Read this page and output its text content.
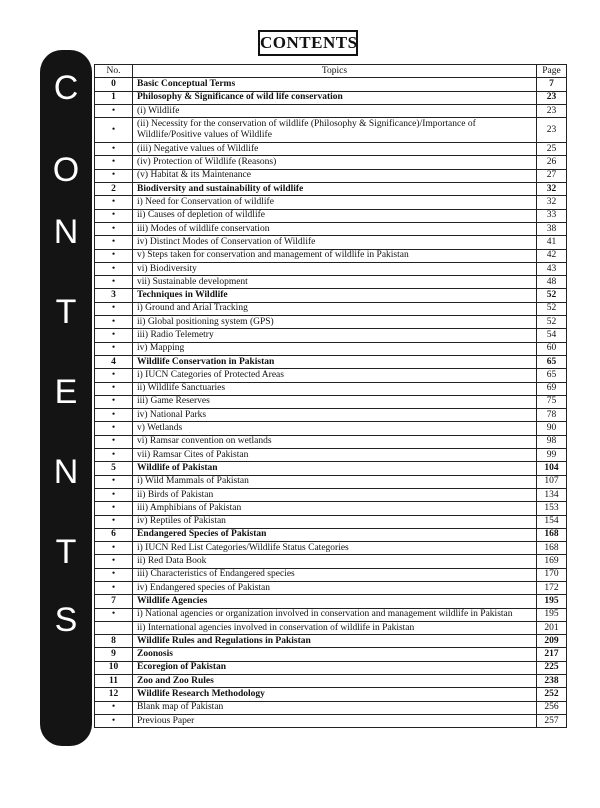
CONTENTS
C
O
N
T
E
N
T
S
No.	Topics	Page
0	Basic Conceptual Terms	7
1	Philosophy & Significance of wild life conservation	23
•	(i) Wildlife	23
•	(ii) Necessity for the conservation of wildlife (Philosophy & Significance)/Importance of Wildlife/Positive values of Wildlife	23
•	(iii) Negative values of Wildlife	25
•	(iv) Protection of Wildlife (Reasons)	26
•	(v) Habitat & its Maintenance	27
2	Biodiversity and sustainability of wildlife	32
•	i) Need for Conservation of wildlife	32
•	ii) Causes of depletion of wildlife	33
•	iii) Modes of wildlife conservation	38
•	iv) Distinct Modes of Conservation of Wildlife	41
•	v) Steps taken for conservation and management of wildlife in Pakistan	42
•	vi) Biodiversity	43
•	vii) Sustainable development	48
3	Techniques in Wildlife	52
•	i) Ground and Arial Tracking	52
•	ii) Global positioning system (GPS)	52
•	iii) Radio Telemetry	54
•	iv) Mapping	60
4	Wildlife Conservation in Pakistan	65
•	i) IUCN Categories of Protected Areas	65
•	ii) Wildlife Sanctuaries	69
•	iii) Game Reserves	75
•	iv) National Parks	78
•	v) Wetlands	90
•	vi) Ramsar convention on wetlands	98
•	vii) Ramsar Cites of Pakistan	99
5	Wildlife of Pakistan	104
•	i) Wild Mammals of Pakistan	107
•	ii) Birds of Pakistan	134
•	iii) Amphibians of Pakistan	153
•	iv) Reptiles of Pakistan	154
6	Endangered Species of Pakistan	168
•	i) IUCN Red List Categories/Wildlife Status Categories	168
•	ii) Red Data Book	169
•	iii) Characteristics of Endangered species	170
•	iv) Endangered species of Pakistan	172
7	Wildlife Agencies	195
•	i) National agencies or organization involved in conservation and management wildlife in Pakistan	195
	ii) International agencies involved in conservation of wildlife in Pakistan	201
8	Wildlife Rules and Regulations in Pakistan	209
9	Zoonosis	217
10	Ecoregion of Pakistan	225
11	Zoo and Zoo Rules	238
12	Wildlife Research Methodology	252
•	Blank map of Pakistan	256
•	Previous Paper	257
